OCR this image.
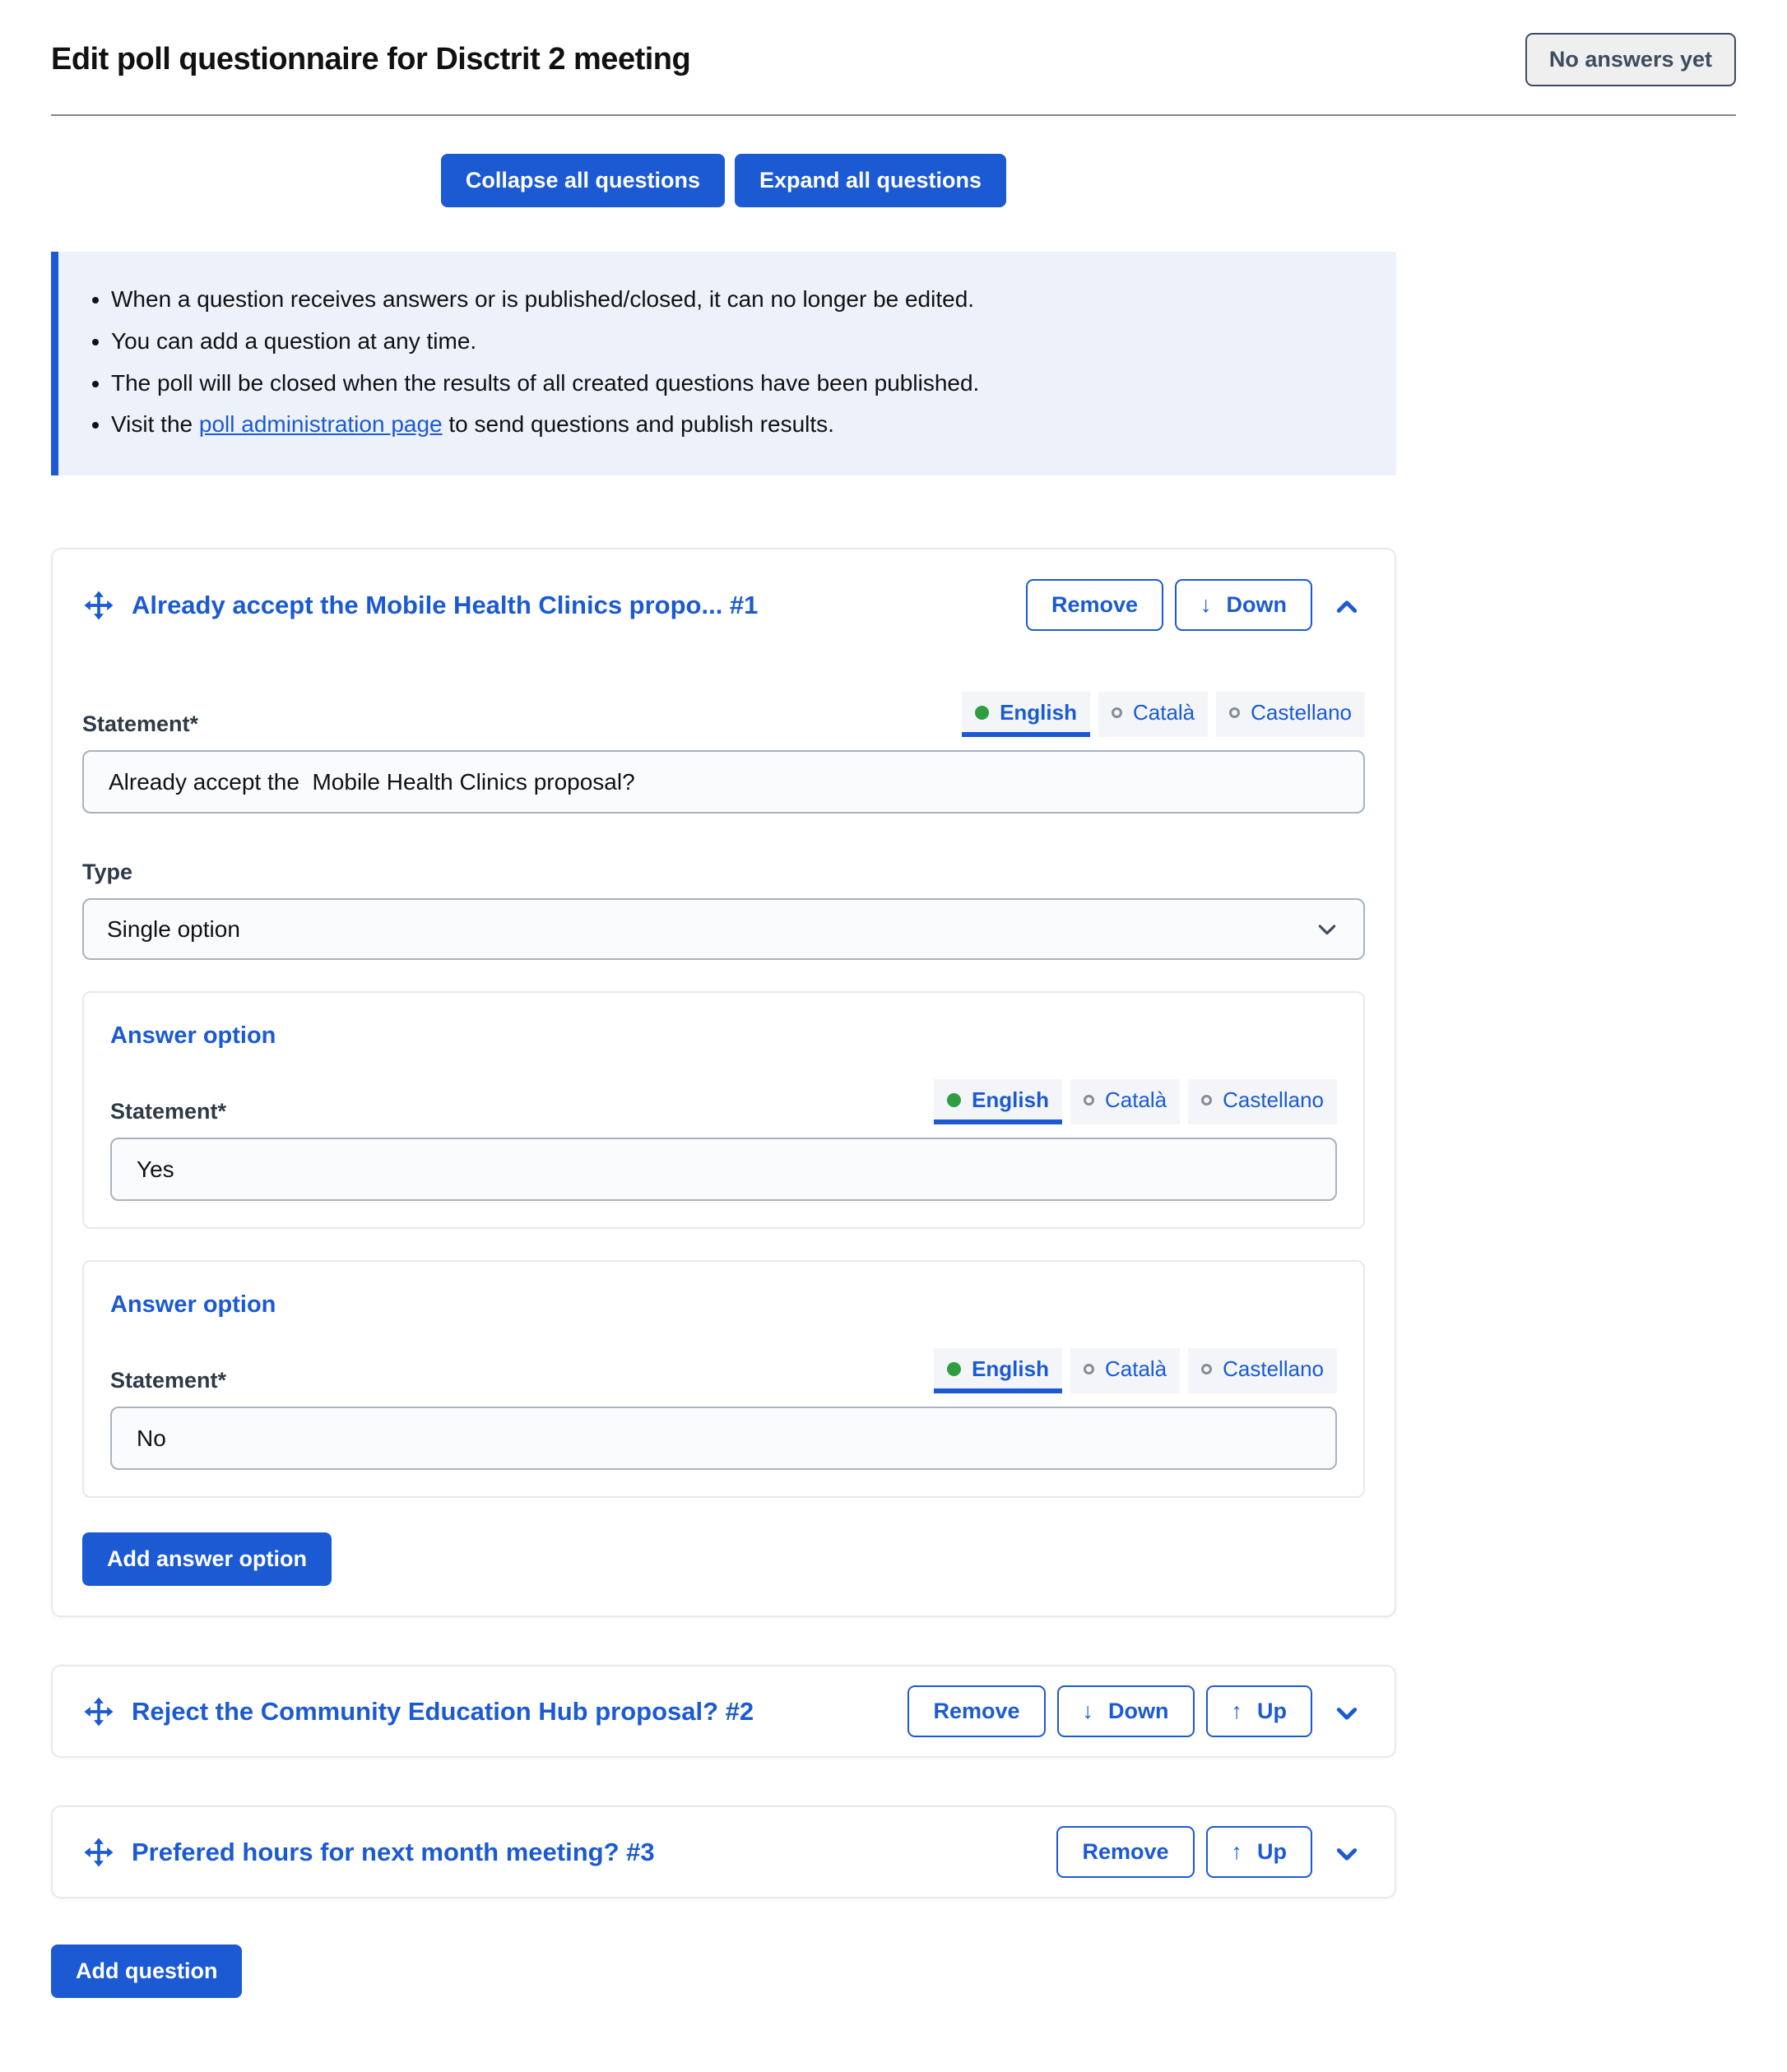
Edit poll questionnaire for Disctrit 2 meeting	No answers yet
Collapse all questions	Expand all questions
• When a question receives answers or is published/closed, it can no longer be edited.
• You can add a question at any time.
• The poll will be closed when the results of all created questions have been published.
• Visit the poll administration page to send questions and publish results.
Already accept the Mobile Health Clinics propo... #1	Remove	↓ Down
Statement*	English	Català	Castellano
Already accept the Mobile Health Clinics proposal?
Type
Single option
Answer option
Statement*	English	Català	Castellano
Yes
Answer option
Statement*	English	Català	Castellano
No
Add answer option
Reject the Community Education Hub proposal? #2	Remove	↓ Down	↑ Up
Prefered hours for next month meeting? #3	Remove	↑ Up
Add question
